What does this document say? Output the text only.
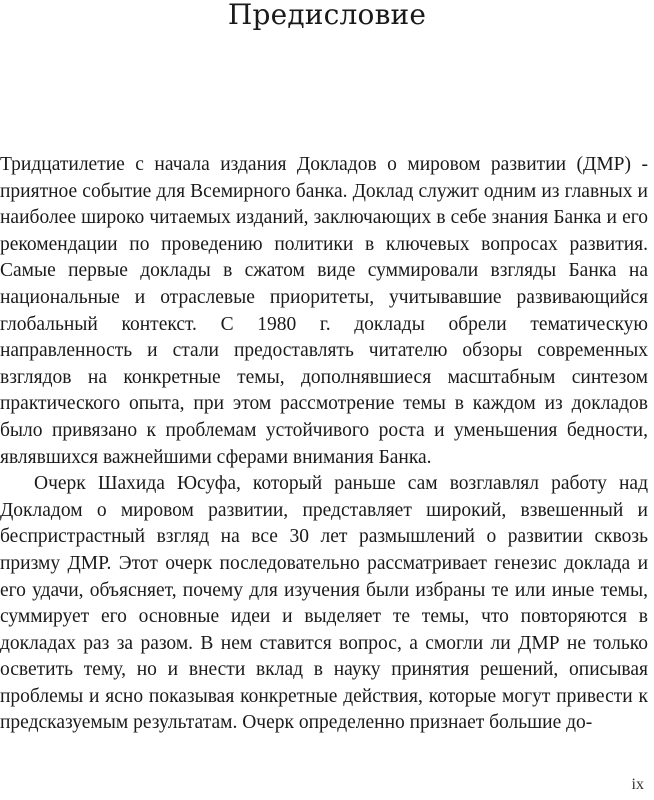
Предисловие

Тридцатилетие с начала издания Докладов о мировом развитии (ДМР) - приятное событие для Всемирного банка. Доклад служит одним из главных и наиболее широко читаемых изданий, заключающих в себе знания Банка и его рекомендации по проведению политики в ключевых вопросах развития. Самые первые доклады в сжатом виде суммировали взгляды Банка на национальные и отраслевые приоритеты, учитывавшие развивающийся глобальный контекст. С 1980 г. доклады обрели тематическую направленность и стали предоставлять читателю обзоры современных взглядов на конкретные темы, дополнявшиеся масштабным синтезом практического опыта, при этом рассмотрение темы в каждом из докладов было привязано к проблемам устойчивого роста и уменьшения бедности, являвшихся важнейшими сферами внимания Банка.

Очерк Шахида Юсуфа, который раньше сам возглавлял работу над Докладом о мировом развитии, представляет широкий, взвешенный и беспристрастный взгляд на все 30 лет размышлений о развитии сквозь призму ДМР. Этот очерк последовательно рассматривает генезис доклада и его удачи, объясняет, почему для изучения были избраны те или иные темы, суммирует его основные идеи и выделяет те темы, что повторяются в докладах раз за разом. В нем ставится вопрос, а смогли ли ДМР не только осветить тему, но и внести вклад в науку принятия решений, описывая проблемы и ясно показывая конкретные действия, которые могут привести к предсказуемым результатам. Очерк определенно признает большие до-

ix
